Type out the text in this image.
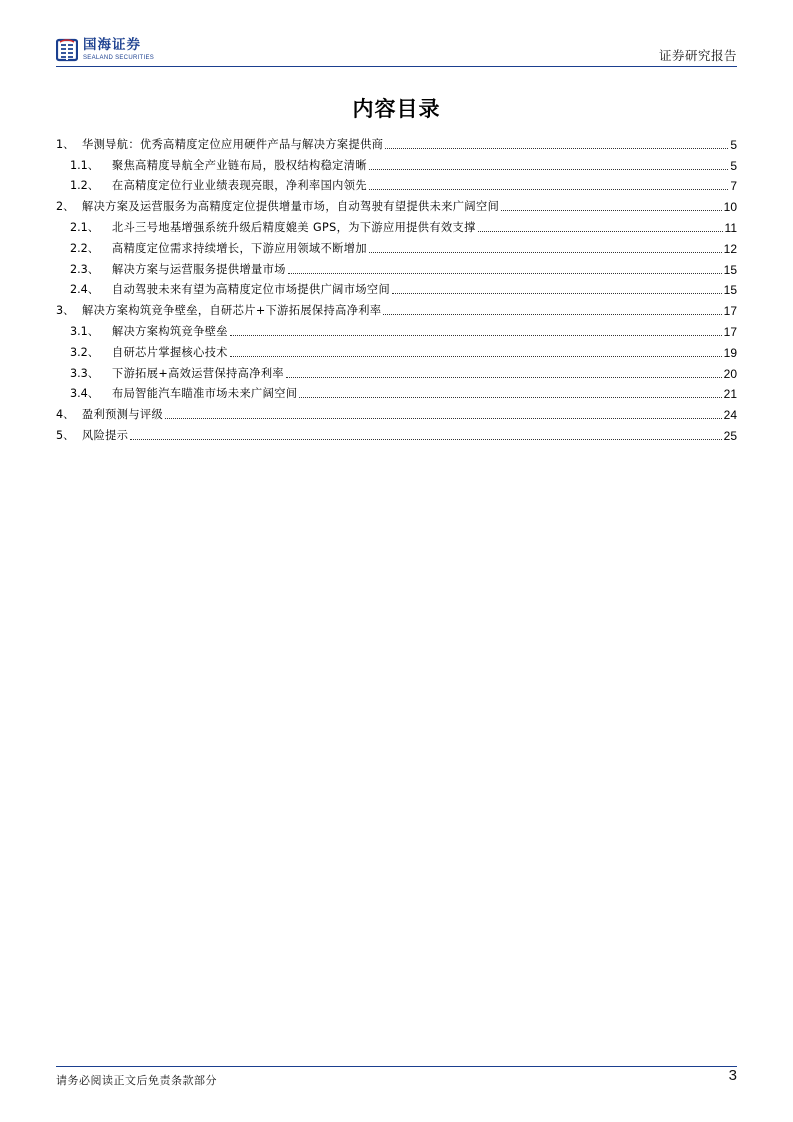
国海证券
SEALAND SECURITIES	证券研究报告
内容目录
1、 华测导航：优秀高精度定位应用硬件产品与解决方案提供商	5
1.1、	聚焦高精度导航全产业链布局，股权结构稳定清晰	5
1.2、	在高精度定位行业业绩表现亮眼，净利率国内领先	7
2、 解决方案及运营服务为高精度定位提供增量市场，自动驾驶有望提供未来广阔空间	10
2.1、	北斗三号地基增强系统升级后精度媲美 GPS，为下游应用提供有效支撑	11
2.2、	高精度定位需求持续增长，下游应用领域不断增加	12
2.3、	解决方案与运营服务提供增量市场	15
2.4、	自动驾驶未来有望为高精度定位市场提供广阔市场空间	15
3、 解决方案构筑竞争壁垒，自研芯片+下游拓展保持高净利率	17
3.1、	解决方案构筑竞争壁垒	17
3.2、	自研芯片掌握核心技术	19
3.3、	下游拓展+高效运营保持高净利率	20
3.4、	布局智能汽车瞄准市场未来广阔空间	21
4、 盈利预测与评级	24
5、 风险提示	25
请务必阅读正文后免责条款部分	3
